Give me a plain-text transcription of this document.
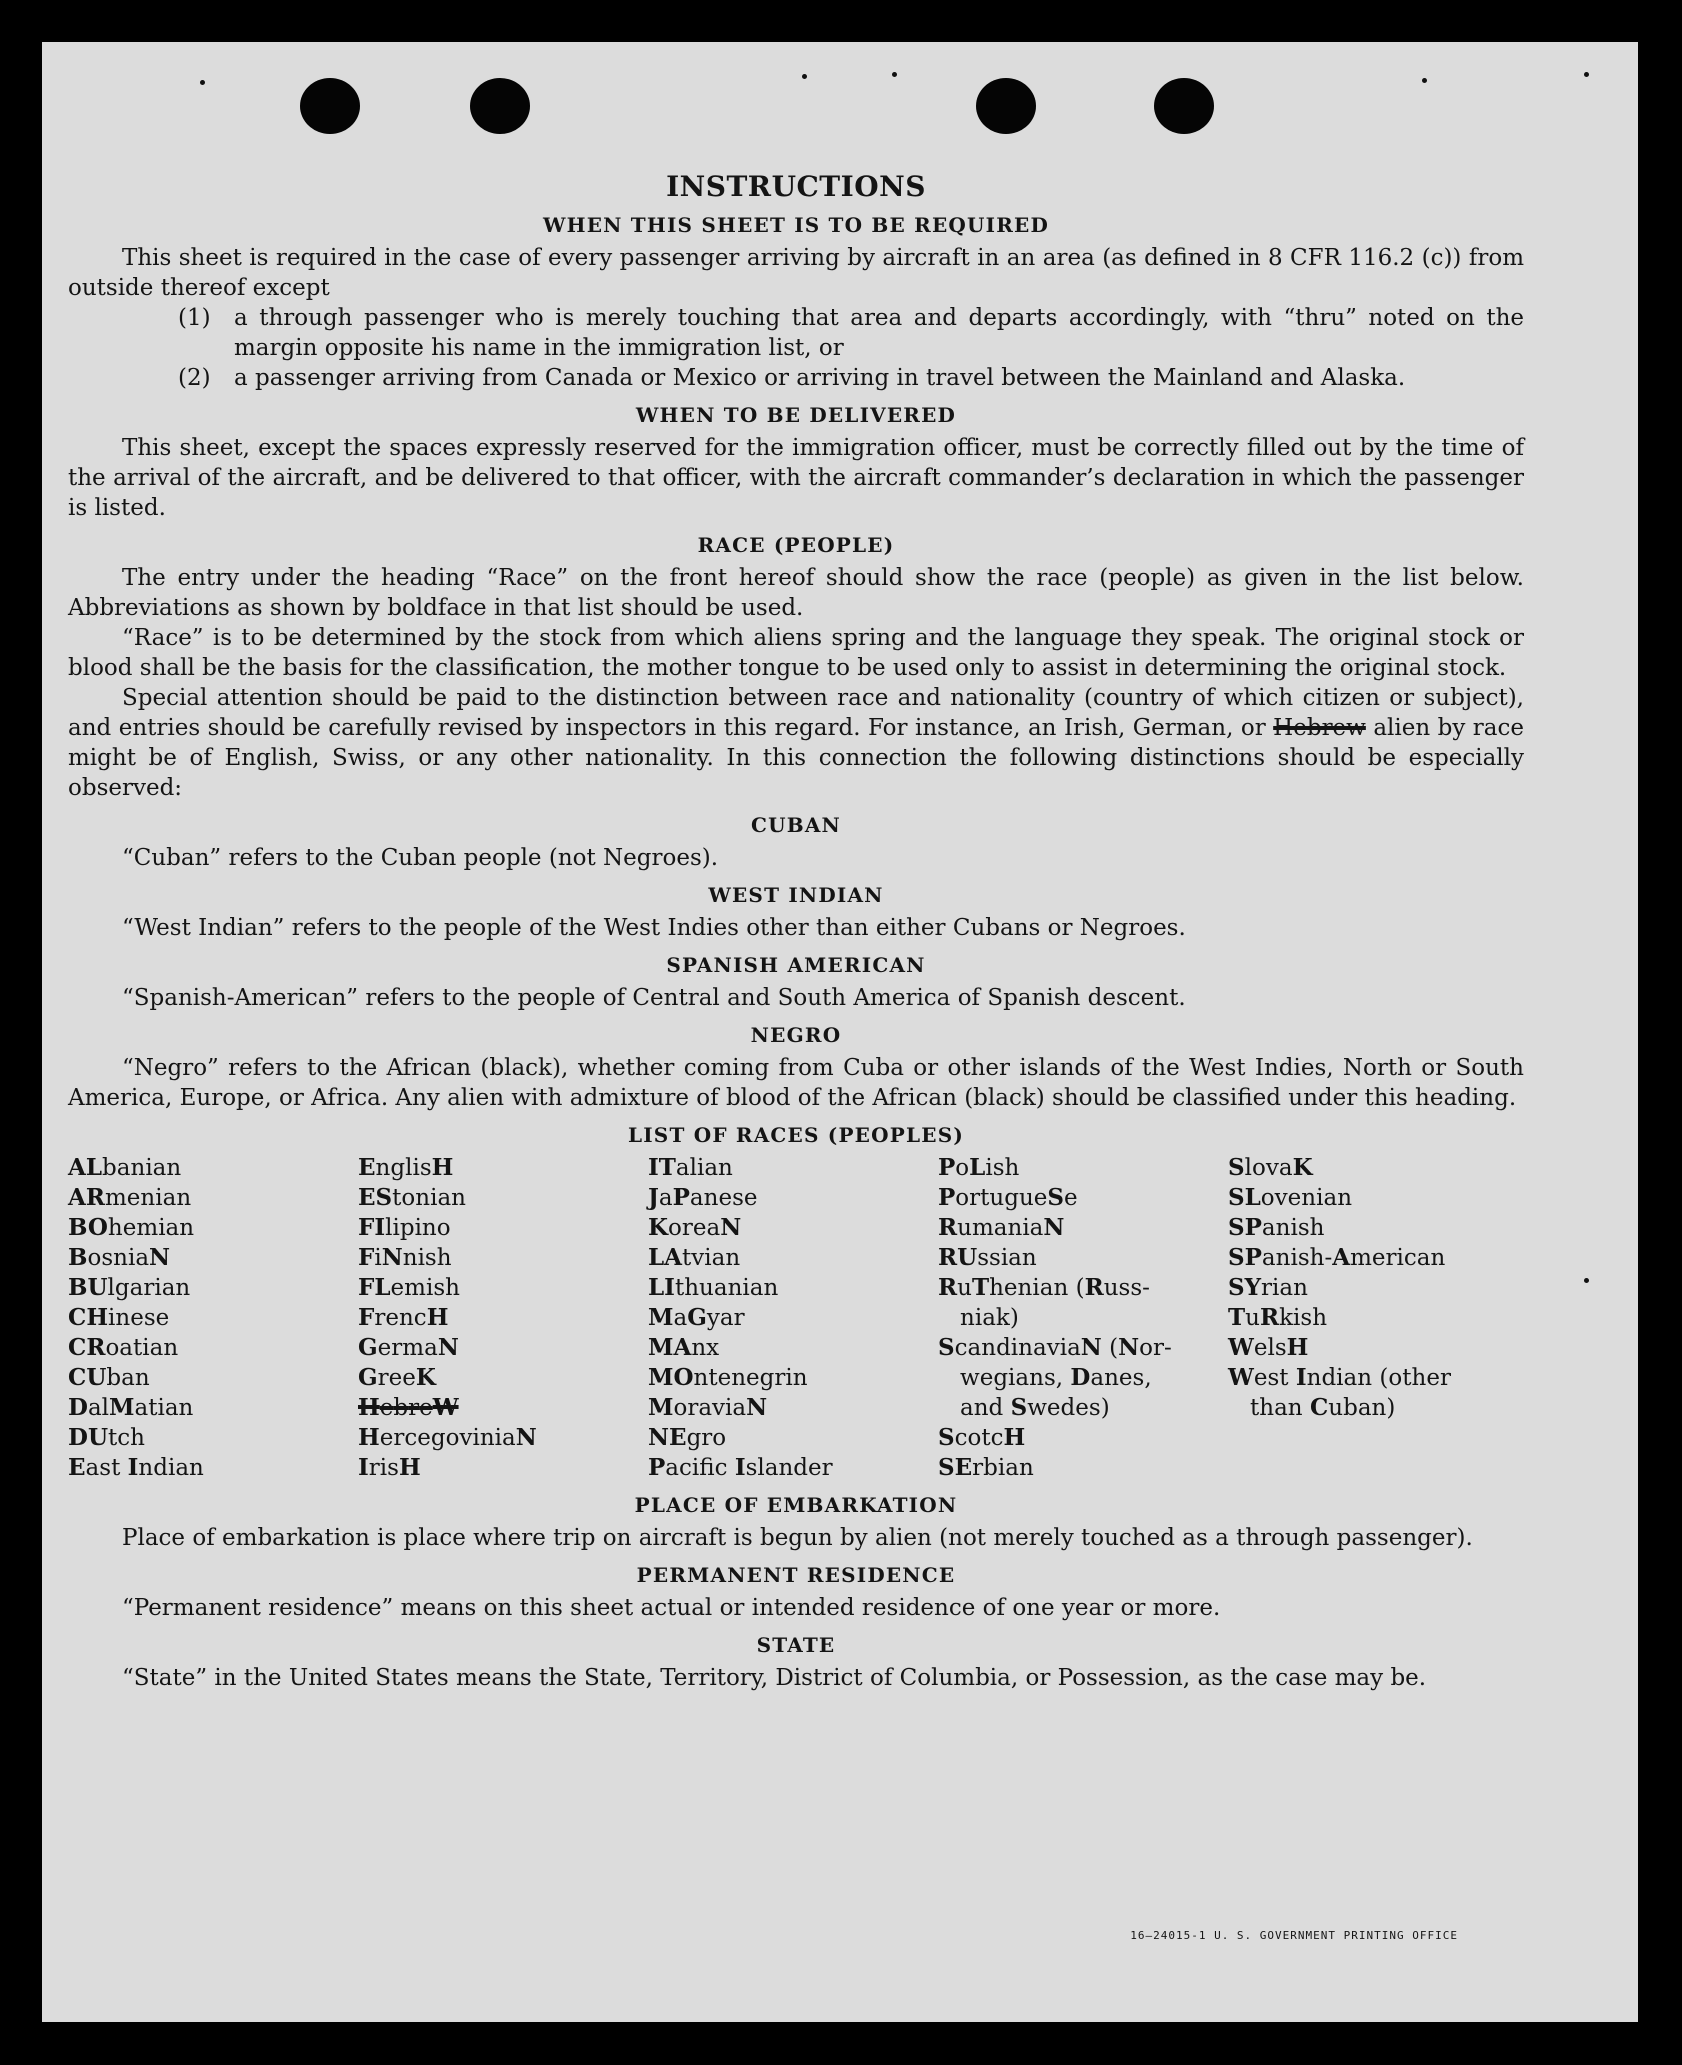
INSTRUCTIONS
WHEN THIS SHEET IS TO BE REQUIRED

This sheet is required in the case of every passenger arriving by aircraft in an area (as defined in 8 CFR 116.2 (c)) from outside thereof except

(1)	a through passenger who is merely touching that area and departs accordingly, with “thru” noted on the margin opposite his name in the immigration list, or
(2)	a passenger arriving from Canada or Mexico or arriving in travel between the Mainland and Alaska.
WHEN TO BE DELIVERED

This sheet, except the spaces expressly reserved for the immigration officer, must be correctly filled out by the time of the arrival of the aircraft, and be delivered to that officer, with the aircraft commander’s declaration in which the passenger is listed.

RACE (PEOPLE)

The entry under the heading “Race” on the front hereof should show the race (people) as given in the list below. Abbreviations as shown by boldface in that list should be used.

“Race” is to be determined by the stock from which aliens spring and the language they speak. The original stock or blood shall be the basis for the classification, the mother tongue to be used only to assist in determining the original stock.

Special attention should be paid to the distinction between race and nationality (country of which citizen or subject), and entries should be carefully revised by inspectors in this regard. For instance, an Irish, German, or Hebrew alien by race might be of English, Swiss, or any other nationality. In this connection the following distinctions should be especially observed:

CUBAN

“Cuban” refers to the Cuban people (not Negroes).

WEST INDIAN

“West Indian” refers to the people of the West Indies other than either Cubans or Negroes.

SPANISH AMERICAN

“Spanish-American” refers to the people of Central and South America of Spanish descent.

NEGRO

“Negro” refers to the African (black), whether coming from Cuba or other islands of the West Indies, North or South America, Europe, or Africa. Any alien with admixture of blood of the African (black) should be classified under this heading.

LIST OF RACES (PEOPLES)
ALbanian
ARmenian
BOhemian
BosniaN
BUlgarian
CHinese
CRoatian
CUban
DalMatian
DUtch
East Indian
EnglisH
EStonian
FIlipino
FiNnish
FLemish
FrencH
GermaN
GreeK
HebreW
HercegoviniaN
IrisH
ITalian
JaPanese
KoreaN
LAtvian
LIthuanian
MaGyar
MAnx
MOntenegrin
MoraviaN
NEgro
Pacifc Islander
PoLish
PortugueSe
RumaniaN
RUssian
RuThenian (Russ-
niak)
ScandinaviaN (Nor-
wegians, Danes,
and Swedes)
ScotcH
SErbian
SlovaK
SLovenian
SPanish
SPanish-American
SYrian
TuRkish
WelsH
West Indian (other
than Cuban)
PLACE OF EMBARKATION

Place of embarkation is place where trip on aircraft is begun by alien (not merely touched as a through passenger).

PERMANENT RESIDENCE

“Permanent residence” means on this sheet actual or intended residence of one year or more.

STATE

“State” in the United States means the State, Territory, District of Columbia, or Possession, as the case may be.

16—24015-1 U. S. GOVERNMENT PRINTING OFFICE
